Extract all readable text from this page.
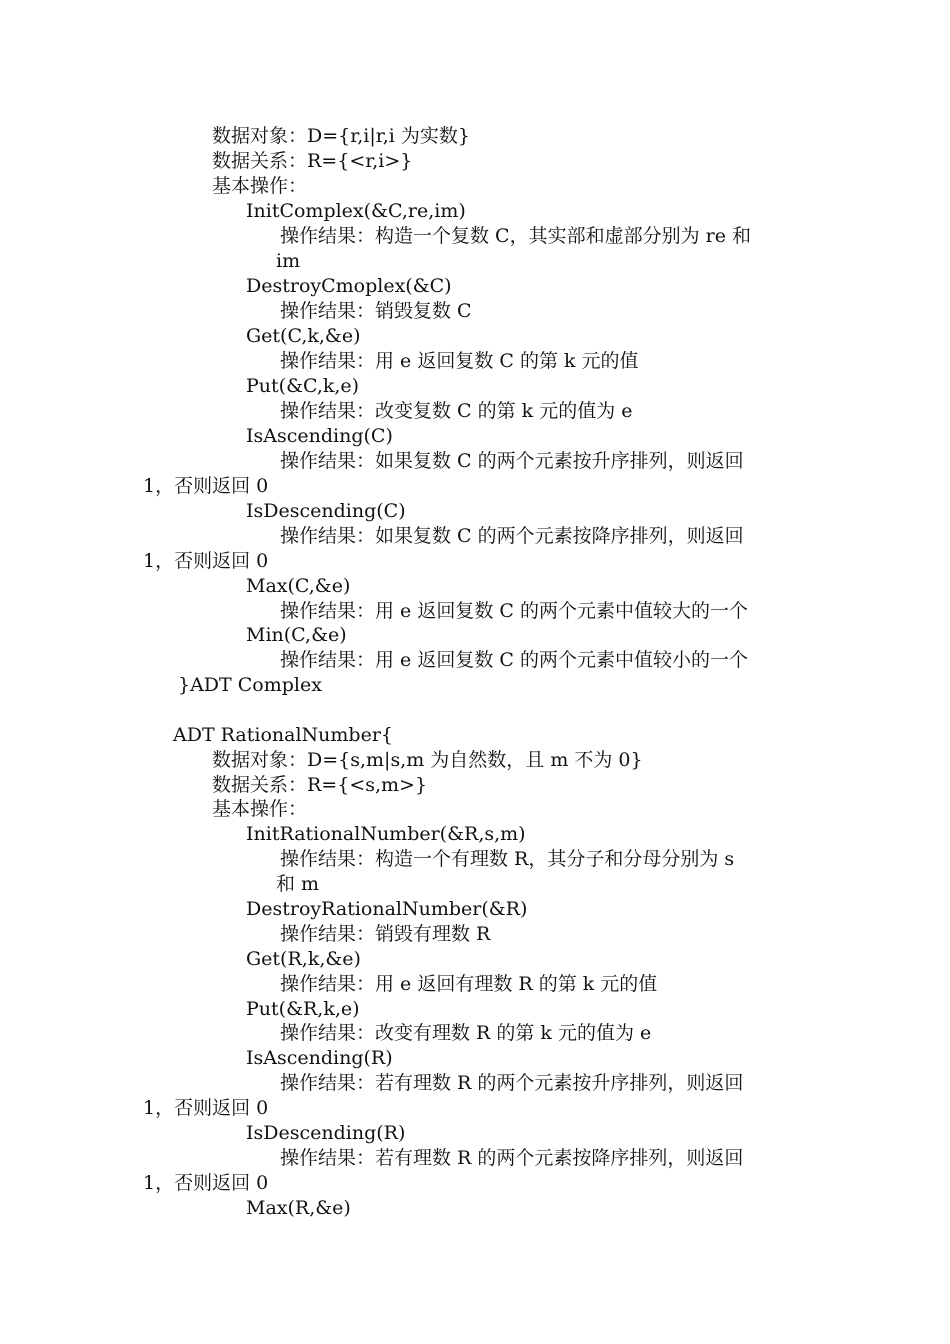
数据对象：D={r,i|r,i 为实数}
数据关系：R={<r,i>}
基本操作：
InitComplex(&C,re,im)
操作结果：构造一个复数 C，其实部和虚部分别为 re 和
im
DestroyCmoplex(&C)
操作结果：销毁复数 C
Get(C,k,&e)
操作结果：用 e 返回复数 C 的第 k 元的值
Put(&C,k,e)
操作结果：改变复数 C 的第 k 元的值为 e
IsAscending(C)
操作结果：如果复数 C 的两个元素按升序排列，则返回
1，否则返回 0
IsDescending(C)
操作结果：如果复数 C 的两个元素按降序排列，则返回
1，否则返回 0
Max(C,&e)
操作结果：用 e 返回复数 C 的两个元素中值较大的一个
Min(C,&e)
操作结果：用 e 返回复数 C 的两个元素中值较小的一个
}ADT Complex
ADT RationalNumber{
数据对象：D={s,m|s,m 为自然数，且 m 不为 0}
数据关系：R={<s,m>}
基本操作：
InitRationalNumber(&R,s,m)
操作结果：构造一个有理数 R，其分子和分母分别为 s
和 m
DestroyRationalNumber(&R)
操作结果：销毁有理数 R
Get(R,k,&e)
操作结果：用 e 返回有理数 R 的第 k 元的值
Put(&R,k,e)
操作结果：改变有理数 R 的第 k 元的值为 e
IsAscending(R)
操作结果：若有理数 R 的两个元素按升序排列，则返回
1，否则返回 0
IsDescending(R)
操作结果：若有理数 R 的两个元素按降序排列，则返回
1，否则返回 0
Max(R,&e)
